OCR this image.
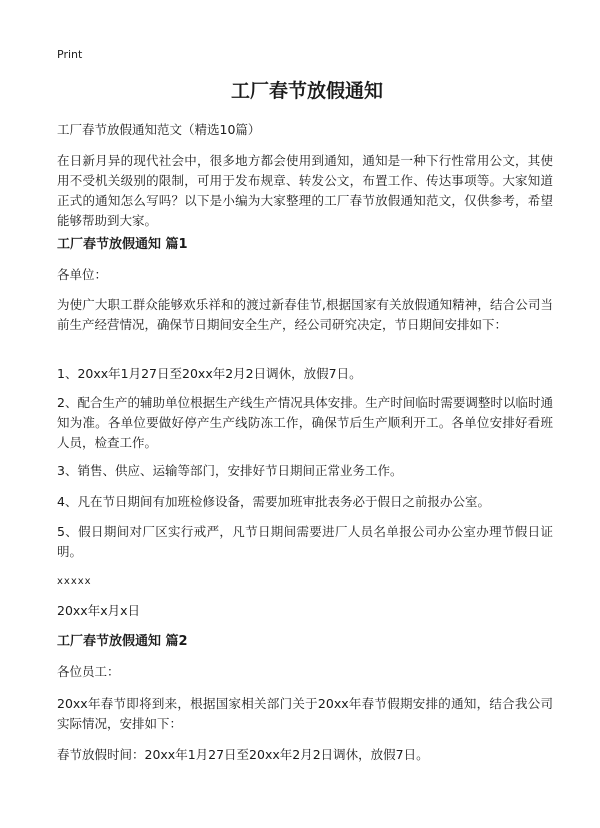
Print
工厂春节放假通知

工厂春节放假通知范文（精选10篇）

在日新月异的现代社会中，很多地方都会使用到通知，通知是一种下行性常用公文，其使用不受机关级别的限制，可用于发布规章、转发公文，布置工作、传达事项等。大家知道正式的通知怎么写吗？以下是小编为大家整理的工厂春节放假通知范文，仅供参考，希望能够帮助到大家。

工厂春节放假通知 篇1

各单位：

为使广大职工群众能够欢乐祥和的渡过新春佳节,根据国家有关放假通知精神，结合公司当前生产经营情况，确保节日期间安全生产，经公司研究决定，节日期间安排如下：

1、20xx年1月27日至20xx年2月2日调休，放假7日。

2、配合生产的辅助单位根据生产线生产情况具体安排。生产时间临时需要调整时以临时通知为准。各单位要做好停产生产线防冻工作，确保节后生产顺利开工。各单位安排好看班人员，检查工作。

3、销售、供应、运输等部门，安排好节日期间正常业务工作。

4、凡在节日期间有加班检修设备，需要加班审批表务必于假日之前报办公室。

5、假日期间对厂区实行戒严，凡节日期间需要进厂人员名单报公司办公室办理节假日证明。

xxxxx

20xx年x月x日

工厂春节放假通知 篇2

各位员工：

20xx年春节即将到来，根据国家相关部门关于20xx年春节假期安排的通知，结合我公司实际情况，安排如下：

春节放假时间：20xx年1月27日至20xx年2月2日调休，放假7日。
